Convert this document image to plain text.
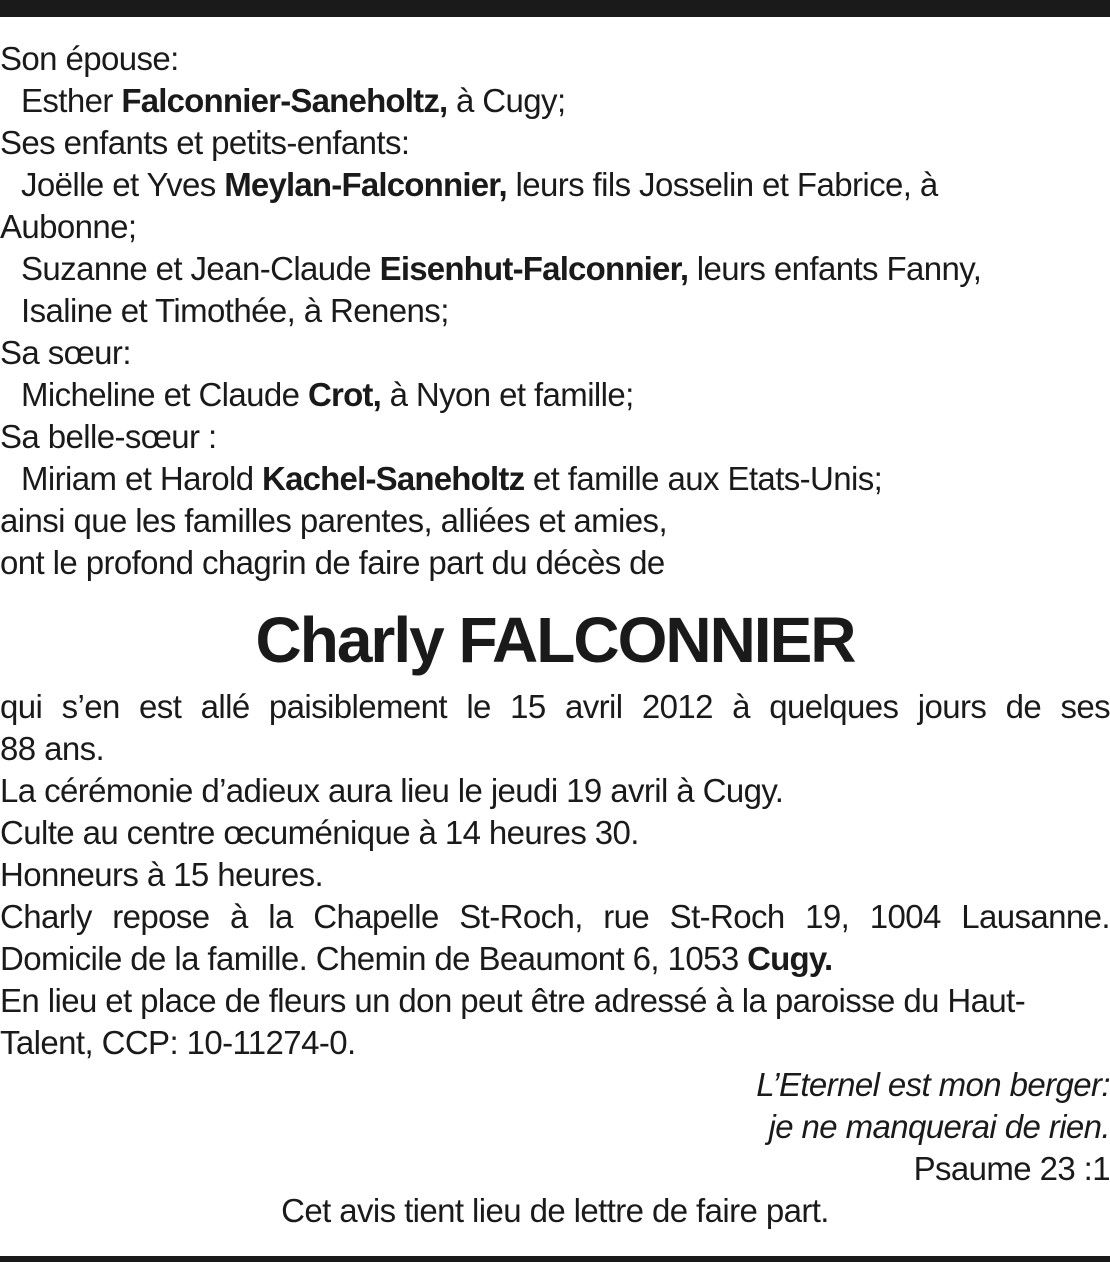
Son épouse:
Esther Falconnier-Saneholtz, à Cugy;
Ses enfants et petits-enfants:
Joëlle et Yves Meylan-Falconnier, leurs fils Josselin et Fabrice, à
Aubonne;
Suzanne et Jean-Claude Eisenhut-Falconnier, leurs enfants Fanny,
Isaline et Timothée, à Renens;
Sa sœur:
Micheline et Claude Crot, à Nyon et famille;
Sa belle-sœur :
Miriam et Harold Kachel-Saneholtz et famille aux Etats-Unis;
ainsi que les familles parentes, alliées et amies,
ont le profond chagrin de faire part du décès de
Charly FALCONNIER
qui s’en est allé paisiblement le 15 avril 2012 à quelques jours de ses
88 ans.
La cérémonie d’adieux aura lieu le jeudi 19 avril à Cugy.
Culte au centre œcuménique à 14 heures 30.
Honneurs à 15 heures.
Charly repose à la Chapelle St-Roch, rue St-Roch 19, 1004 Lausanne.
Domicile de la famille. Chemin de Beaumont 6, 1053 Cugy.
En lieu et place de fleurs un don peut être adressé à la paroisse du Haut-
Talent, CCP: 10-11274-0.
L’Eternel est mon berger:
je ne manquerai de rien.
Psaume 23 :1
Cet avis tient lieu de lettre de faire part.
